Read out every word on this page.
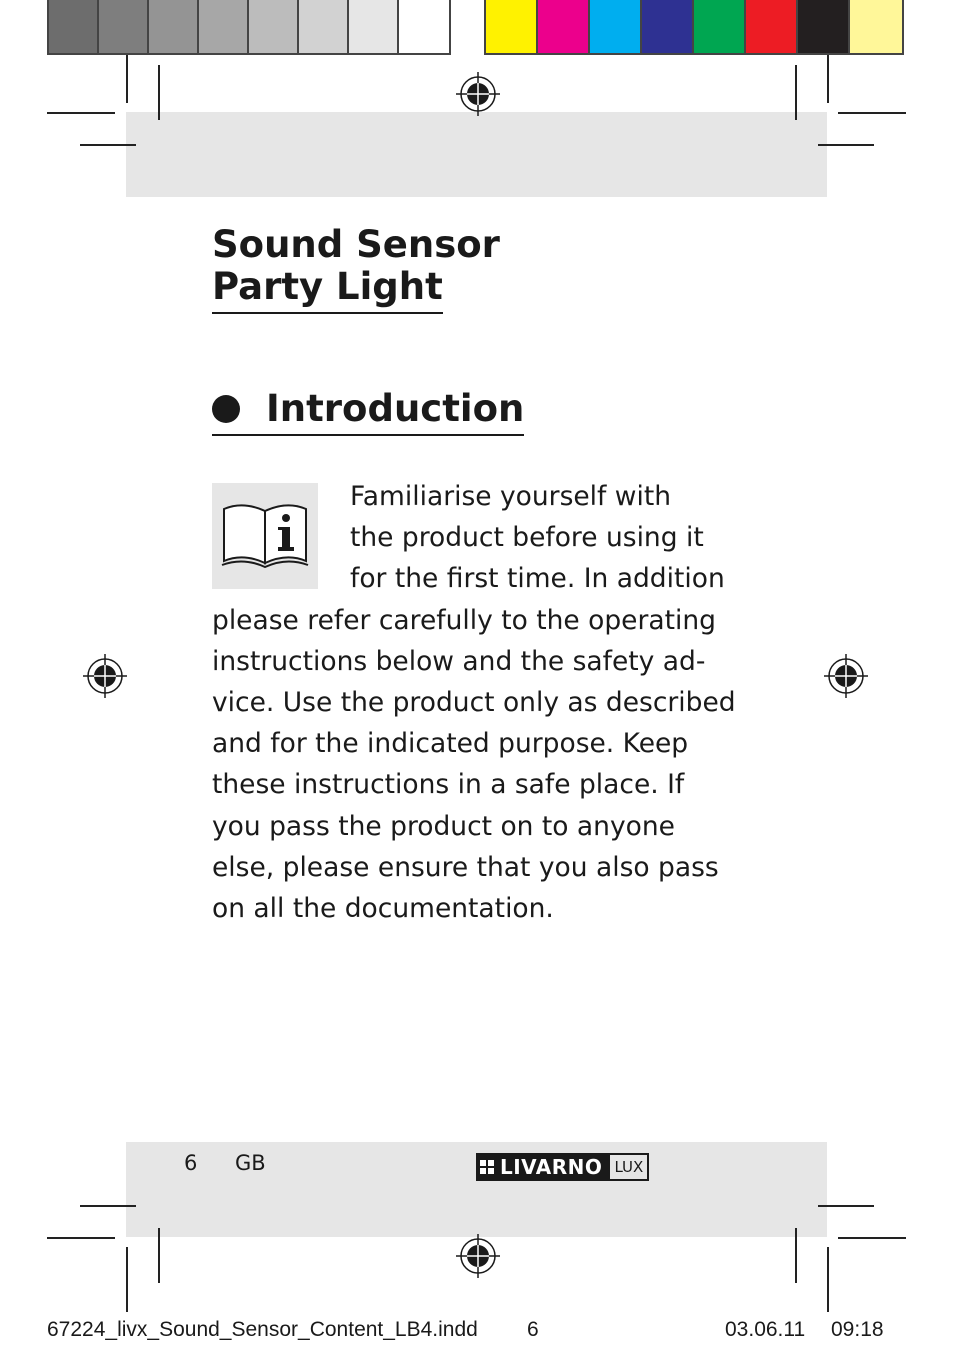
Sound Sensor
Party Light
Introduction
Familiarise yourself with
the product before using it
for the first time. In addition
please refer carefully to the operating
instructions below and the safety ad-
vice. Use the product only as described
and for the indicated purpose. Keep
these instructions in a safe place. If
you pass the product on to anyone
else, please ensure that you also pass
on all the documentation.
6 GB	LIVARNO LUX
67224_livx_Sound_Sensor_Content_LB4.indd 6	03.06.11 09:18
